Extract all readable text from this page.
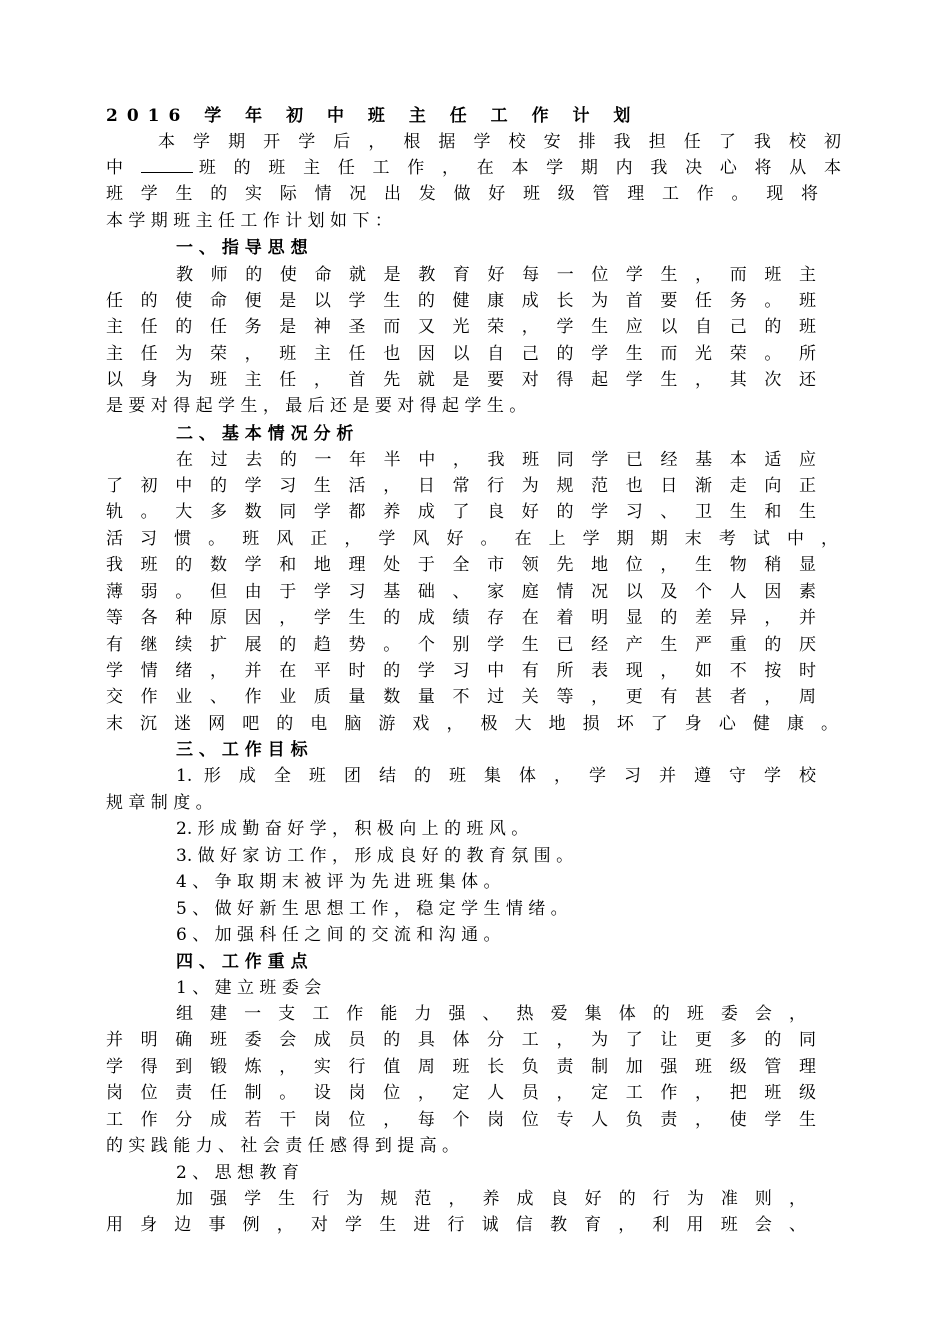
2016 学 年 初 中 班 主 任 工 作 计 划
本 学 期 开 学 后 ， 根 据 学 校 安 排 我 担 任 了 我 校 初
中	班 的 班 主 任 工 作 ， 在 本 学 期 内 我 决 心 将 从 本
班 学 生 的 实 际 情 况 出 发 做 好 班 级 管 理 工 作 。 现 将
本 学 期 班 主 任 工 作 计 划 如 下 ：
一 、 指 导 思 想
教 师 的 使 命 就 是 教 育 好 每 一 位 学 生 ， 而 班 主
任 的 使 命 便 是 以 学 生 的 健 康 成 长 为 首 要 任 务 。 班
主 任 的 任 务 是 神 圣 而 又 光 荣 ， 学 生 应 以 自 己 的 班
主 任 为 荣 ， 班 主 任 也 因 以 自 己 的 学 生 而 光 荣 。 所
以 身 为 班 主 任 ， 首 先 就 是 要 对 得 起 学 生 ， 其 次 还
是 要 对 得 起 学 生 ， 最 后 还 是 要 对 得 起 学 生 。
二 、 基 本 情 况 分 析
在 过 去 的 一 年 半 中 ， 我 班 同 学 已 经 基 本 适 应
了 初 中 的 学 习 生 活 ， 日 常 行 为 规 范 也 日 渐 走 向 正
轨 。 大 多 数 同 学 都 养 成 了 良 好 的 学 习 、 卫 生 和 生
活 习 惯 。 班 风 正 ， 学 风 好 。 在 上 学 期 期 末 考 试 中 ，
我 班 的 数 学 和 地 理 处 于 全 市 领 先 地 位 ， 生 物 稍 显
薄 弱 。 但 由 于 学 习 基 础 、 家 庭 情 况 以 及 个 人 因 素
等 各 种 原 因 ， 学 生 的 成 绩 存 在 着 明 显 的 差 异 ， 并
有 继 续 扩 展 的 趋 势 。 个 别 学 生 已 经 产 生 严 重 的 厌
学 情 绪 ， 并 在 平 时 的 学 习 中 有 所 表 现 ， 如 不 按 时
交 作 业 、 作 业 质 量 数 量 不 过 关 等 ， 更 有 甚 者 ， 周
末 沉 迷 网 吧 的 电 脑 游 戏 ， 极 大 地 损 坏 了 身 心 健 康 。
三 、 工 作 目 标
1. 形 成 全 班 团 结 的 班 集 体 ， 学 习 并 遵 守 学 校
规 章 制 度 。
2. 形 成 勤 奋 好 学 ， 积 极 向 上 的 班 风 。
3. 做 好 家 访 工 作 ， 形 成 良 好 的 教 育 氛 围 。
4 、 争 取 期 末 被 评 为 先 进 班 集 体 。
5 、 做 好 新 生 思 想 工 作 ， 稳 定 学 生 情 绪 。
6 、 加 强 科 任 之 间 的 交 流 和 沟 通 。
四 、 工 作 重 点
1 、 建 立 班 委 会
组 建 一 支 工 作 能 力 强 、 热 爱 集 体 的 班 委 会 ，
并 明 确 班 委 会 成 员 的 具 体 分 工 ， 为 了 让 更 多 的 同
学 得 到 锻 炼 ， 实 行 值 周 班 长 负 责 制 加 强 班 级 管 理
岗 位 责 任 制 。 设 岗 位 ， 定 人 员 ， 定 工 作 ， 把 班 级
工 作 分 成 若 干 岗 位 ， 每 个 岗 位 专 人 负 责 ， 使 学 生
的 实 践 能 力 、 社 会 责 任 感 得 到 提 高 。
2 、 思 想 教 育
加 强 学 生 行 为 规 范 ， 养 成 良 好 的 行 为 准 则 ，
用 身 边 事 例 ， 对 学 生 进 行 诚 信 教 育 ， 利 用 班 会 、
